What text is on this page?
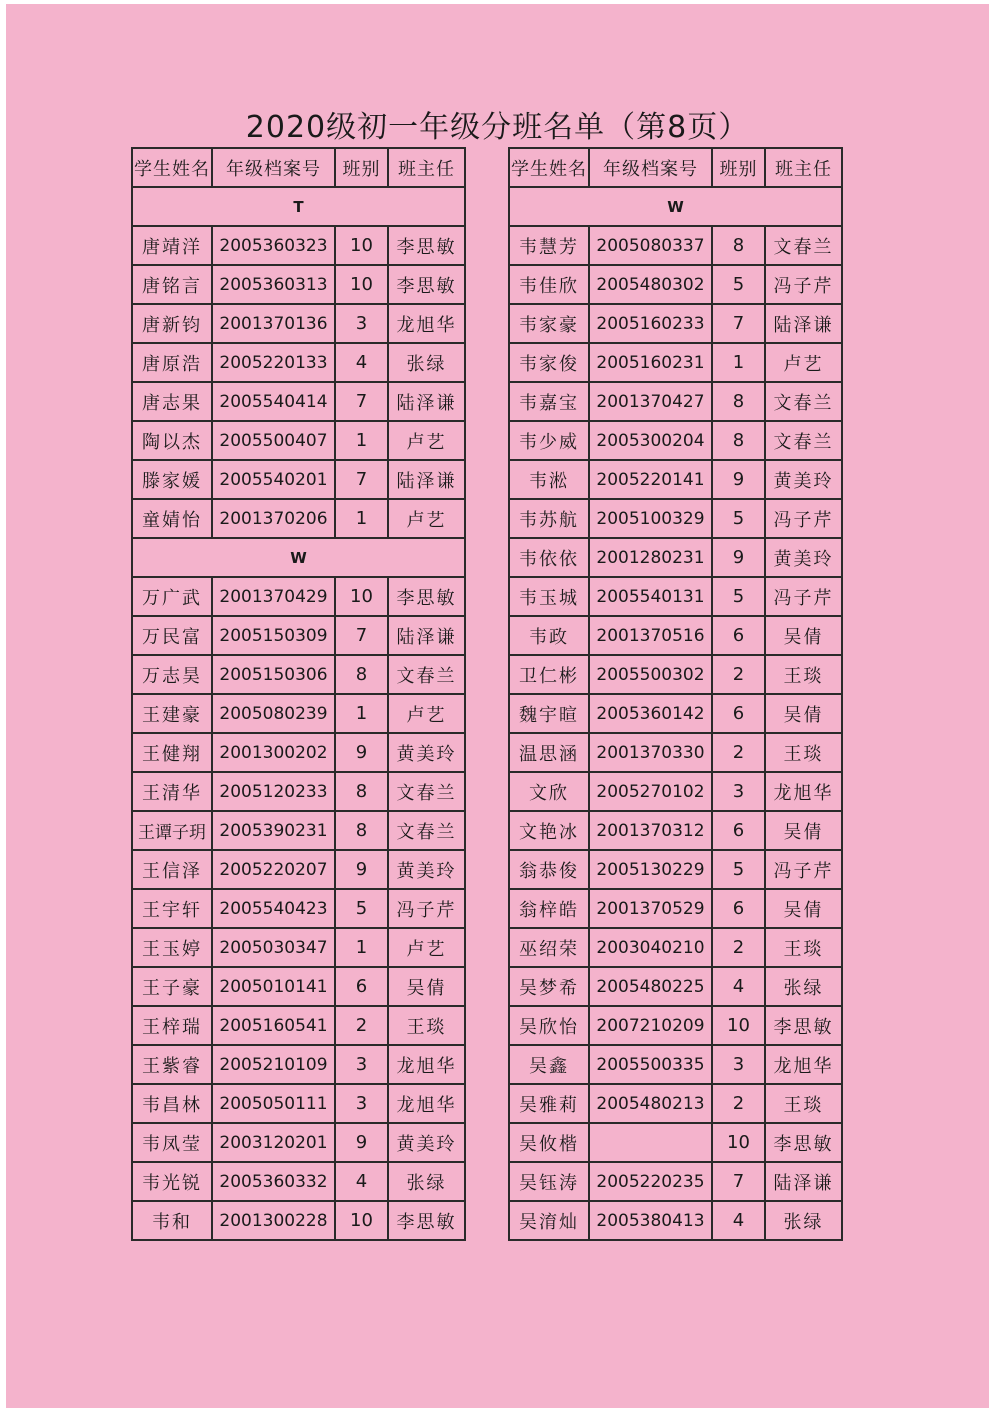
2020级初一年级分班名单（第8页）
学生姓名	年级档案号	班别	班主任
T			
唐靖洋	2005360323	10	李思敏
唐铭言	2005360313	10	李思敏
唐新钧	2001370136	3	龙旭华
唐原浩	2005220133	4	张绿
唐志果	2005540414	7	陆泽谦
陶以杰	2005500407	1	卢艺
滕家媛	2005540201	7	陆泽谦
童婧怡	2001370206	1	卢艺
W			
万广武	2001370429	10	李思敏
万民富	2005150309	7	陆泽谦
万志昊	2005150306	8	文春兰
王建豪	2005080239	1	卢艺
王健翔	2001300202	9	黄美玲
王清华	2005120233	8	文春兰
王谭子玥	2005390231	8	文春兰
王信泽	2005220207	9	黄美玲
王宇轩	2005540423	5	冯子芹
王玉婷	2005030347	1	卢艺
王子豪	2005010141	6	吴倩
王梓瑞	2005160541	2	王琰
王紫睿	2005210109	3	龙旭华
韦昌林	2005050111	3	龙旭华
韦凤莹	2003120201	9	黄美玲
韦光锐	2005360332	4	张绿
韦和	2001300228	10	李思敏
学生姓名	年级档案号	班别	班主任
W			
韦慧芳	2005080337	8	文春兰
韦佳欣	2005480302	5	冯子芹
韦家豪	2005160233	7	陆泽谦
韦家俊	2005160231	1	卢艺
韦嘉宝	2001370427	8	文春兰
韦少威	2005300204	8	文春兰
韦淞	2005220141	9	黄美玲
韦苏航	2005100329	5	冯子芹
韦依依	2001280231	9	黄美玲
韦玉城	2005540131	5	冯子芹
韦政	2001370516	6	吴倩
卫仁彬	2005500302	2	王琰
魏宇暄	2005360142	6	吴倩
温思涵	2001370330	2	王琰
文欣	2005270102	3	龙旭华
文艳冰	2001370312	6	吴倩
翁恭俊	2005130229	5	冯子芹
翁梓皓	2001370529	6	吴倩
巫绍荣	2003040210	2	王琰
吴梦希	2005480225	4	张绿
吴欣怡	2007210209	10	李思敏
吴鑫	2005500335	3	龙旭华
吴雅莉	2005480213	2	王琰
吴攸楷		10	李思敏
吴钰涛	2005220235	7	陆泽谦
吴淯灿	2005380413	4	张绿
